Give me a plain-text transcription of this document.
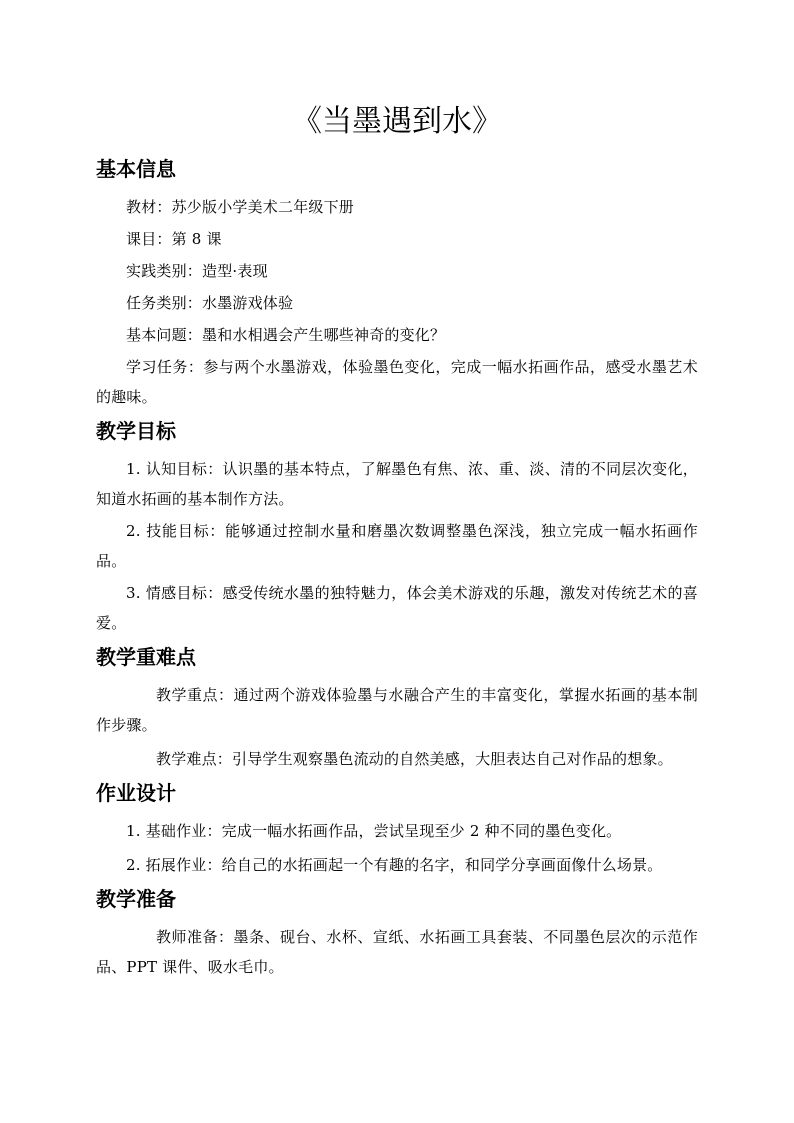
《当墨遇到水》
基本信息

教材：苏少版小学美术二年级下册

课目：第 8 课

实践类别：造型·表现

任务类别：水墨游戏体验

基本问题：墨和水相遇会产生哪些神奇的变化？

学习任务：参与两个水墨游戏，体验墨色变化，完成一幅水拓画作品，感受水墨艺术的趣味。

教学目标

1. 认知目标：认识墨的基本特点，了解墨色有焦、浓、重、淡、清的不同层次变化，知道水拓画的基本制作方法。

2. 技能目标：能够通过控制水量和磨墨次数调整墨色深浅，独立完成一幅水拓画作品。

3. 情感目标：感受传统水墨的独特魅力，体会美术游戏的乐趣，激发对传统艺术的喜爱。

教学重难点

教学重点：通过两个游戏体验墨与水融合产生的丰富变化，掌握水拓画的基本制作步骤。

教学难点：引导学生观察墨色流动的自然美感，大胆表达自己对作品的想象。

作业设计

1. 基础作业：完成一幅水拓画作品，尝试呈现至少 2 种不同的墨色变化。

2. 拓展作业：给自己的水拓画起一个有趣的名字，和同学分享画面像什么场景。

教学准备

教师准备：墨条、砚台、水杯、宣纸、水拓画工具套装、不同墨色层次的示范作品、PPT 课件、吸水毛巾。
